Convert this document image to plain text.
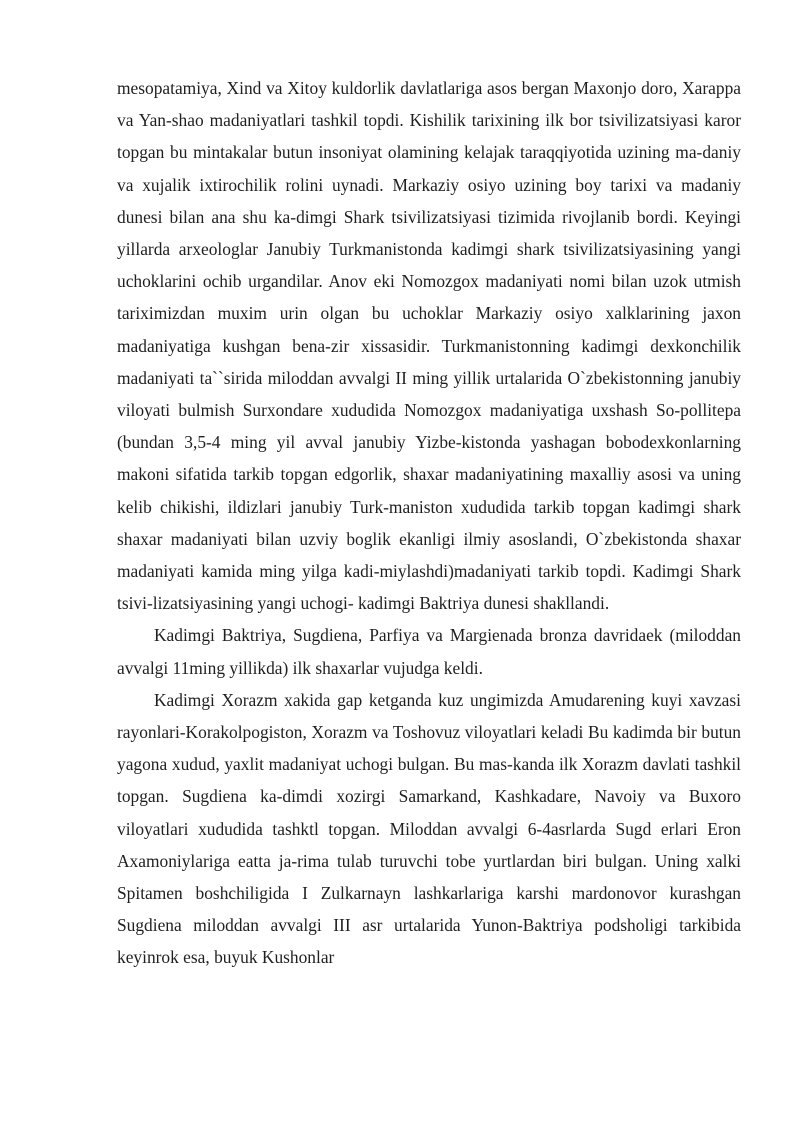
mesopatamiya, Xind va Xitoy kuldorlik davlatlariga asos bergan Maxonjo doro, Xarappa va Yan-shao madaniyatlari tashkil topdi. Kishilik tarixining ilk bor tsivilizatsiyasi karor topgan bu mintakalar butun insoniyat olamining kelajak taraqqiyotida uzining ma-daniy va xujalik ixtirochilik rolini uynadi. Markaziy osiyo uzining boy tarixi va madaniy dunesi bilan ana shu ka-dimgi Shark tsivilizatsiyasi tizimida rivojlanib bordi. Keyingi yillarda arxeologlar Janubiy Turkmanistonda kadimgi shark tsivilizatsiyasining yangi uchoklarini ochib urgandilar. Anov eki Nomozgox madaniyati nomi bilan uzok utmish tariximizdan muxim urin olgan bu uchoklar Markaziy osiyo xalklarining jaxon madaniyatiga kushgan bena-zir xissasidir. Turkmanistonning kadimgi dexkonchilik madaniyati ta``sirida miloddan avvalgi II ming yillik urtalarida O`zbekistonning janubiy viloyati bulmish Surxondare xududida Nomozgox madaniyatiga uxshash So-pollitepa (bundan 3,5-4 ming yil avval janubiy Yizbe-kistonda yashagan bobodexkonlarning makoni sifatida tarkib topgan edgorlik, shaxar madaniyatining maxalliy asosi va uning kelib chikishi, ildizlari janubiy Turk-maniston xududida tarkib topgan kadimgi shark shaxar madaniyati bilan uzviy boglik ekanligi ilmiy asoslandi, O`zbekistonda shaxar madaniyati kamida ming yilga kadi-miylashdi)madaniyati tarkib topdi. Kadimgi Shark tsivi-lizatsiyasining yangi uchogi- kadimgi Baktriya dunesi shakllandi.

Kadimgi Baktriya, Sugdiena, Parfiya va Margienada bronza davridaek (miloddan avvalgi 11ming yillikda) ilk shaxarlar vujudga keldi.

Kadimgi Xorazm xakida gap ketganda kuz ungimizda Amudarening kuyi xavzasi rayonlari-Korakolpogiston, Xorazm va Toshovuz viloyatlari keladi Bu kadimda bir butun yagona xudud, yaxlit madaniyat uchogi bulgan. Bu mas-kanda ilk Xorazm davlati tashkil topgan. Sugdiena ka-dimdi xozirgi Samarkand, Kashkadare, Navoiy va Buxoro viloyatlari xududida tashktl topgan. Miloddan avvalgi 6-4asrlarda Sugd erlari Eron Axamoniylariga eatta ja-rima tulab turuvchi tobe yurtlardan biri bulgan. Uning xalki Spitamen boshchiligida I Zulkarnayn lashkarlariga karshi mardonovor kurashgan Sugdiena miloddan avvalgi III asr urtalarida Yunon-Baktriya podsholigi tarkibida keyinrok esa, buyuk Kushonlar
